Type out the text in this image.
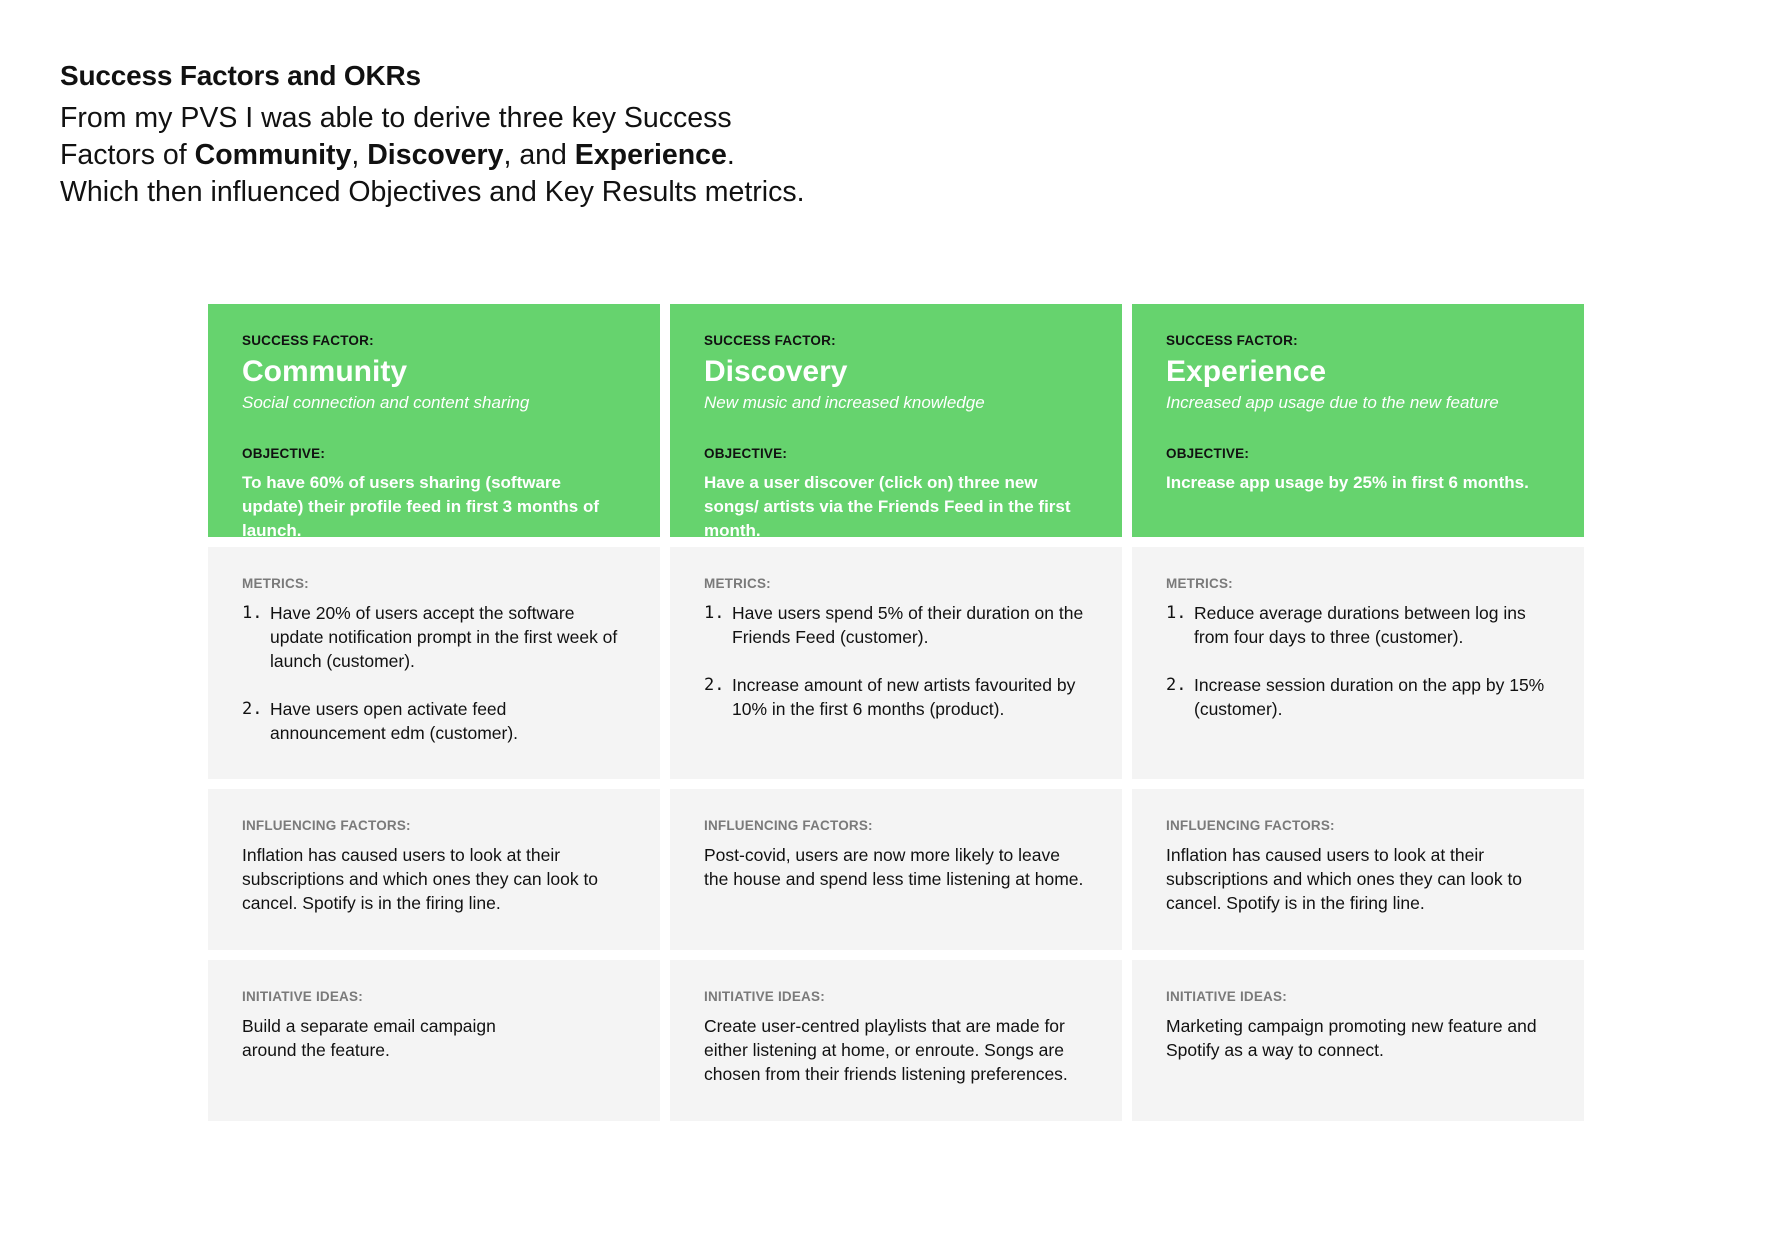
Success Factors and OKRs

From my PVS I was able to derive three key Success
Factors of Community, Discovery, and Experience.
Which then influenced Objectives and Key Results metrics.

SUCCESS FACTOR:

Community

Social connection and content sharing

OBJECTIVE:

To have 60% of users sharing (software update) their profile feed in first 3 months of launch.

SUCCESS FACTOR:

Discovery

New music and increased knowledge

OBJECTIVE:

Have a user discover (click on) three new songs/ artists via the Friends Feed in the first month.

SUCCESS FACTOR:

Experience

Increased app usage due to the new feature

OBJECTIVE:

Increase app usage by 25% in first 6 months.

METRICS:

1. Have 20% of users accept the software update notification prompt in the first week of launch (customer).
2. Have users open activate feed announcement edm (customer).

METRICS:

1. Have users spend 5% of their duration on the Friends Feed (customer).
2. Increase amount of new artists favourited by 10% in the first 6 months (product).

METRICS:

1. Reduce average durations between log ins from four days to three (customer).
2. Increase session duration on the app by 15% (customer).

INFLUENCING FACTORS:

Inflation has caused users to look at their subscriptions and which ones they can look to cancel. Spotify is in the firing line.

INFLUENCING FACTORS:

Post-covid, users are now more likely to leave the house and spend less time listening at home.

INFLUENCING FACTORS:

Inflation has caused users to look at their subscriptions and which ones they can look to cancel. Spotify is in the firing line.

INITIATIVE IDEAS:

Build a separate email campaign around the feature.

INITIATIVE IDEAS:

Create user-centred playlists that are made for either listening at home, or enroute. Songs are chosen from their friends listening preferences.

INITIATIVE IDEAS:

Marketing campaign promoting new feature and Spotify as a way to connect.
